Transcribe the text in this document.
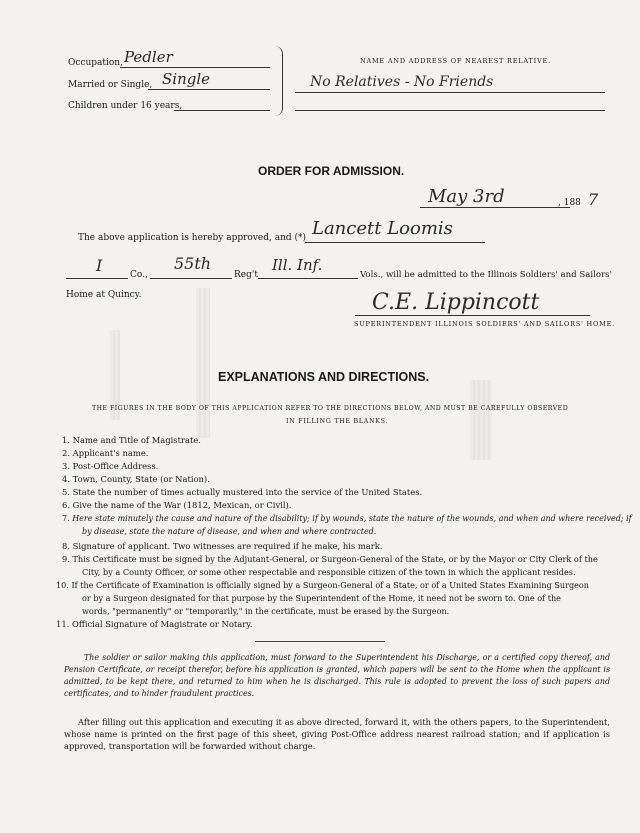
Occupation, Pedler
Married or Single, Single
Children under 16 years,
NAME AND ADDRESS OF NEAREST RELATIVE.
No Relatives - No Friends
ORDER FOR ADMISSION.
May 3rd	, 188 7
The above application is hereby approved, and (*) Lancett Loomis
I	Co.,
55th
Reg't
Ill. Inf.
Vols., will be admitted to the Illinois Soldiers' and Sailors'
Home at Quincy.	C.E. Lippincott
SUPERINTENDENT ILLINOIS SOLDIERS' AND SAILORS' HOME.
EXPLANATIONS AND DIRECTIONS.
THE FIGURES IN THE BODY OF THIS APPLICATION REFER TO THE DIRECTIONS BELOW, AND MUST BE CAREFULLY OBSERVED
IN FILLING THE BLANKS.
1. Name and Title of Magistrate.
2. Applicant's name.
3. Post-Office Address.
4. Town, County, State (or Nation).
5. State the number of times actually mustered into the service of the United States.
6. Give the name of the War (1812, Mexican, or Civil).
7. Here state minutely the cause and nature of the disability; if by wounds, state the nature of the wounds, and when and where received; if
by disease, state the nature of disease, and when and where contracted.
8. Signature of applicant. Two witnesses are required if he make, his mark.
9. This Certificate must be signed by the Adjutant-General, or Surgeon-General of the State, or by the Mayor or City Clerk of the
City, by a County Officer, or some other respectable and responsible citizen of the town in which the applicant resides.
10. If the Certificate of Examination is officially signed by a Surgeon-General of a State, or of a United States Examining Surgeon
or by a Surgeon designated for that purpose by the Superintendent of the Home, it need not be sworn to. One of the
words, "permanently" or "temporarily," in the certificate, must be erased by the Surgeon.
11. Official Signature of Magistrate or Notary.

The soldier or sailor making this application, must forward to the Superintendent his Discharge, or a certified copy thereof, and Pension Certificate, or receipt therefor, before his application is granted, which papers will be sent to the Home when the applicant is admitted, to be kept there, and returned to him when he is discharged. This rule is adopted to prevent the loss of such papers and certificates, and to hinder fraudulent practices.

After filling out this application and executing it as above directed, forward it, with the others papers, to the Superintendent, whose name is printed on the first page of this sheet, giving Post-Office address nearest railroad station; and if application is approved, transportation will be forwarded without charge.
